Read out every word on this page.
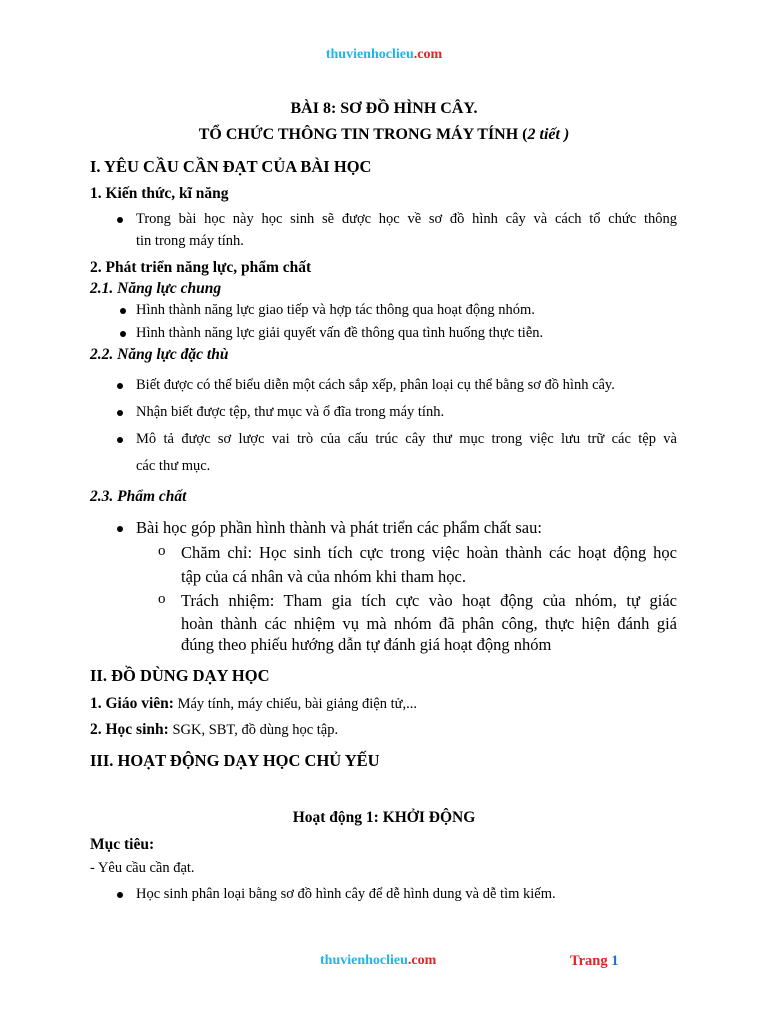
thuvienhoclieu.com
BÀI 8: SƠ ĐỒ HÌNH CÂY.
TỔ CHỨC THÔNG TIN TRONG MÁY TÍNH (2 tiết )
I. YÊU CẦU CẦN ĐẠT CỦA BÀI HỌC
1. Kiến thức, kĩ năng
Trong bài học này học sinh sẽ được học về sơ đồ hình cây và cách tổ chức thông
tin trong máy tính.
2. Phát triển năng lực, phẩm chất
2.1. Năng lực chung
Hình thành năng lực giao tiếp và hợp tác thông qua hoạt động nhóm.
Hình thành năng lực giải quyết vấn đề thông qua tình huống thực tiễn.
2.2. Năng lực đặc thù
Biết được có thể biểu diễn một cách sắp xếp, phân loại cụ thể bằng sơ đồ hình cây.
Nhận biết được tệp, thư mục và ổ đĩa trong máy tính.
Mô tả được sơ lược vai trò của cấu trúc cây thư mục trong việc lưu trữ các tệp và
các thư mục.
2.3. Phẩm chất
Bài học góp phần hình thành và phát triển các phẩm chất sau:
o Chăm chỉ: Học sinh tích cực trong việc hoàn thành các hoạt động học
tập của cá nhân và của nhóm khi tham học.
o Trách nhiệm: Tham gia tích cực vào hoạt động của nhóm, tự giác
hoàn thành các nhiệm vụ mà nhóm đã phân công, thực hiện đánh giá
đúng theo phiếu hướng dẫn tự đánh giá hoạt động nhóm
II. ĐỒ DÙNG DẠY HỌC
1. Giáo viên: Máy tính, máy chiếu, bài giảng điện tử,...
2. Học sinh: SGK, SBT, đồ dùng học tập.
III. HOẠT ĐỘNG DẠY HỌC CHỦ YẾU
Hoạt động 1: KHỞI ĐỘNG
Mục tiêu:
- Yêu cầu cần đạt.
Học sinh phân loại bằng sơ đồ hình cây để dễ hình dung và dễ tìm kiếm.
thuvienhoclieu.com	Trang 1
